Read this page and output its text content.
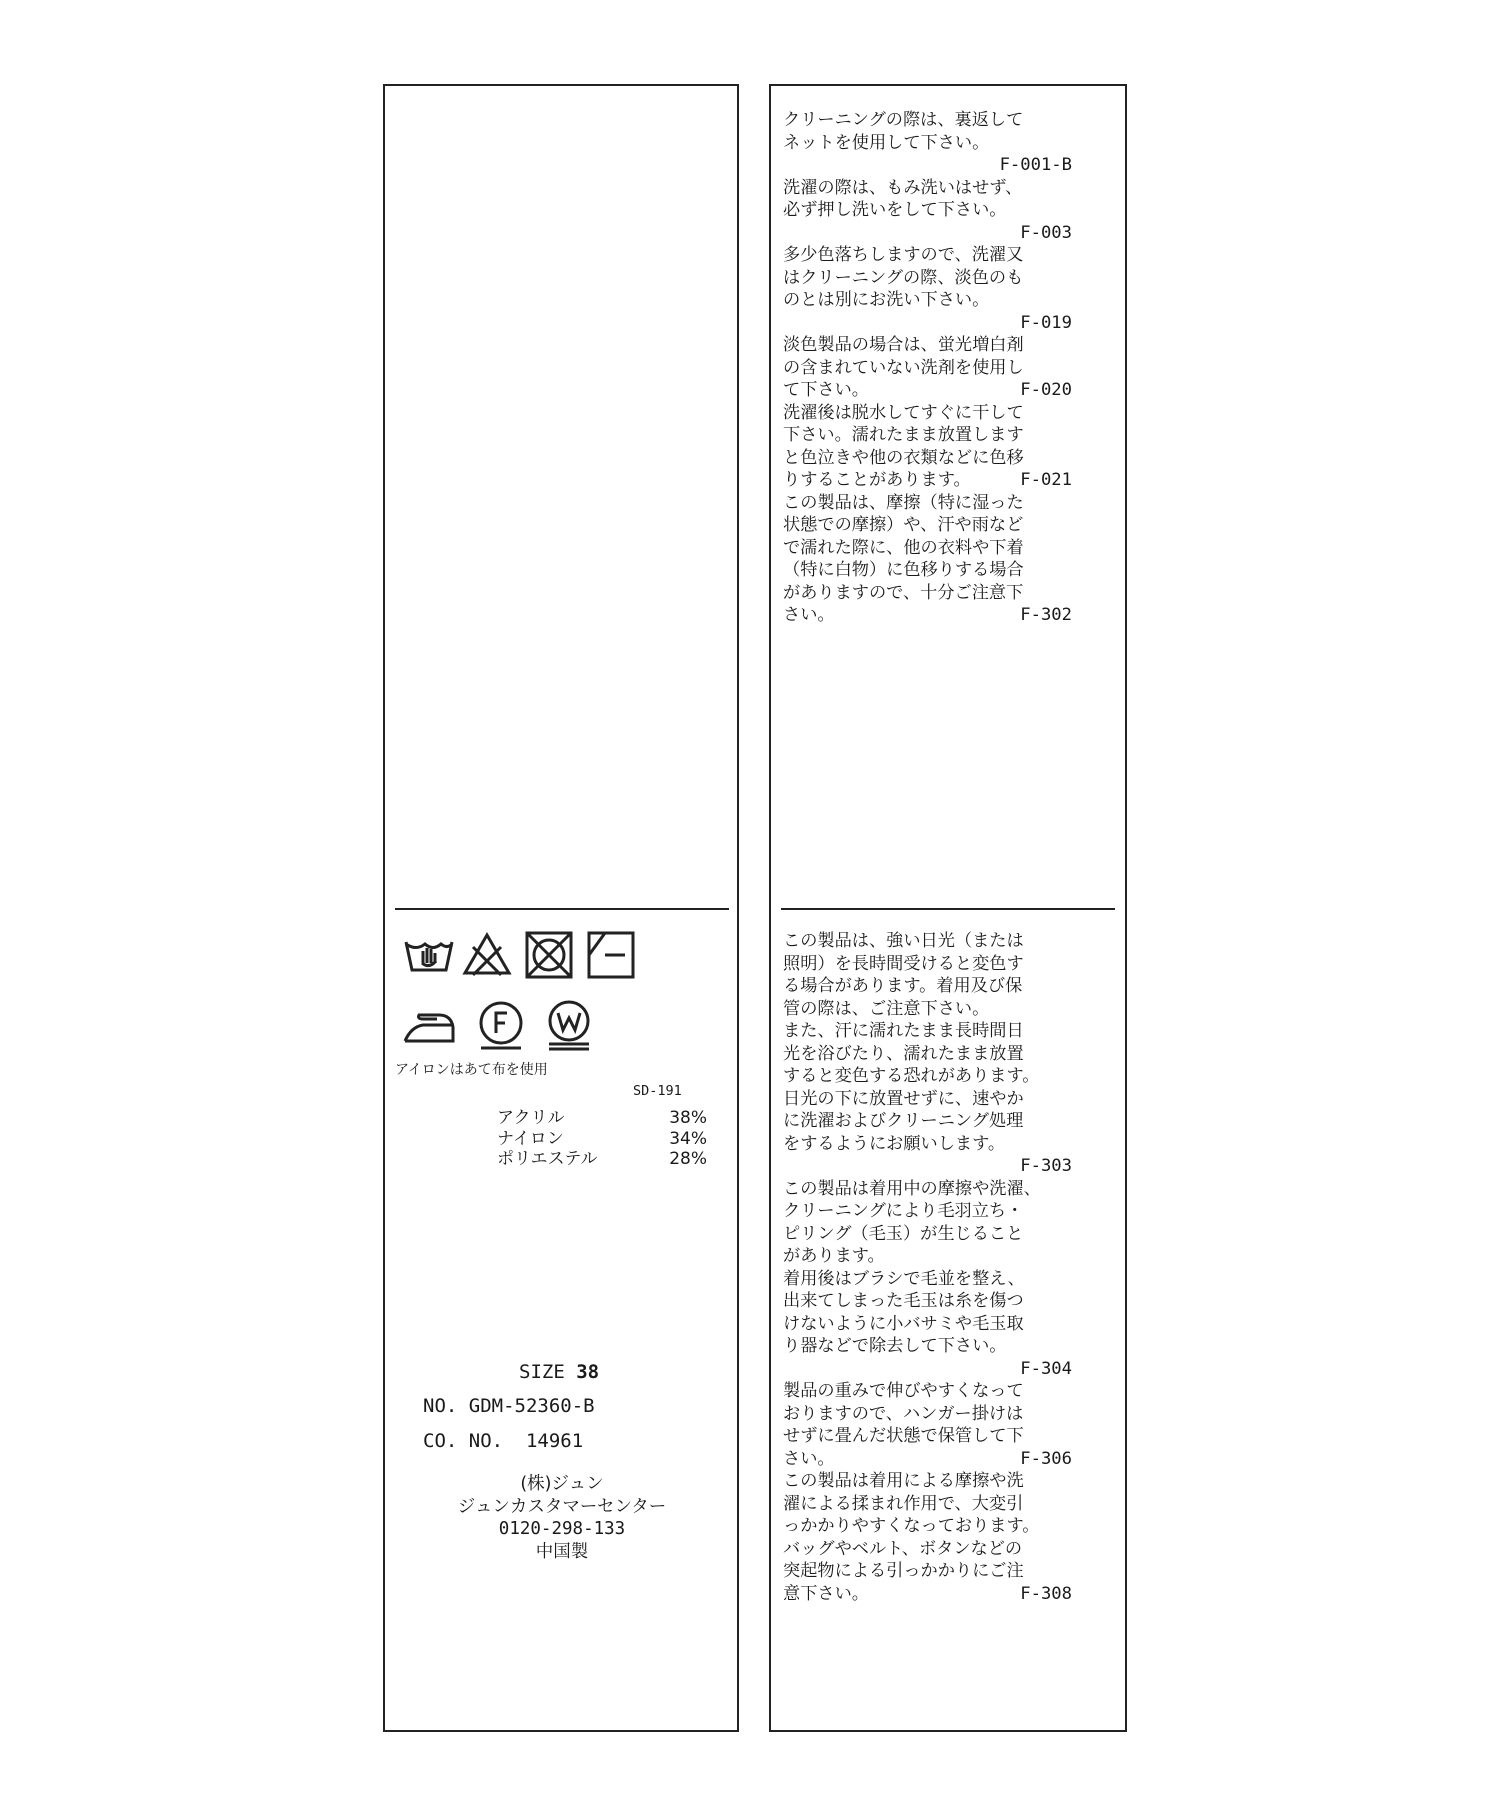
アイロンはあて布を使用
SD-191
アクリル	38%
ナイロン	34%
ポリエステル	28%
SIZE 38
NO. GDM-52360-B
CO. NO.  14961
(株)ジュン
ジュンカスタマーセンター
0120-298-133
中国製
クリーニングの際は、裏返して
ネットを使用して下さい。
F-001-B
洗濯の際は、もみ洗いはせず、
必ず押し洗いをして下さい。
F-003
多少色落ちしますので、洗濯又
はクリーニングの際、淡色のも
のとは別にお洗い下さい。
F-019
淡色製品の場合は、蛍光増白剤
の含まれていない洗剤を使用し
て下さい。	F-020
洗濯後は脱水してすぐに干して
下さい。濡れたまま放置します
と色泣きや他の衣類などに色移
りすることがあります。	F-021
この製品は、摩擦（特に湿った
状態での摩擦）や、汗や雨など
で濡れた際に、他の衣料や下着
（特に白物）に色移りする場合
がありますので、十分ご注意下
さい。	F-302
この製品は、強い日光（または
照明）を長時間受けると変色す
る場合があります。着用及び保
管の際は、ご注意下さい。
また、汗に濡れたまま長時間日
光を浴びたり、濡れたまま放置
すると変色する恐れがあります。
日光の下に放置せずに、速やか
に洗濯およびクリーニング処理
をするようにお願いします。
F-303
この製品は着用中の摩擦や洗濯、
クリーニングにより毛羽立ち・
ピリング（毛玉）が生じること
があります。
着用後はブラシで毛並を整え、
出来てしまった毛玉は糸を傷つ
けないように小バサミや毛玉取
り器などで除去して下さい。
F-304
製品の重みで伸びやすくなって
おりますので、ハンガー掛けは
せずに畳んだ状態で保管して下
さい。	F-306
この製品は着用による摩擦や洗
濯による揉まれ作用で、大変引
っかかりやすくなっております。
バッグやベルト、ボタンなどの
突起物による引っかかりにご注
意下さい。	F-308
